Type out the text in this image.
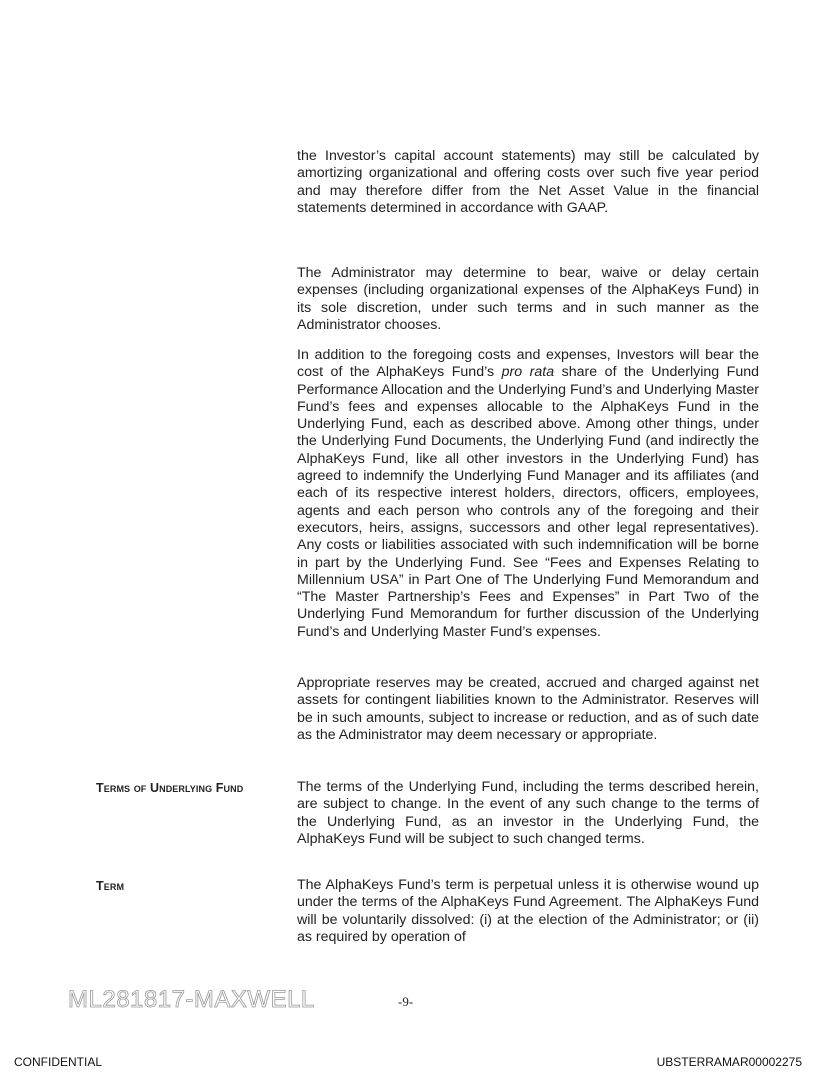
the Investor’s capital account statements) may still be calculated by amortizing organizational and offering costs over such five year period and may therefore differ from the Net Asset Value in the financial statements determined in accordance with GAAP.
The Administrator may determine to bear, waive or delay certain expenses (including organizational expenses of the AlphaKeys Fund) in its sole discretion, under such terms and in such manner as the Administrator chooses.
In addition to the foregoing costs and expenses, Investors will bear the cost of the AlphaKeys Fund’s pro rata share of the Underlying Fund Performance Allocation and the Underlying Fund’s and Underlying Master Fund’s fees and expenses allocable to the AlphaKeys Fund in the Underlying Fund, each as described above. Among other things, under the Underlying Fund Documents, the Underlying Fund (and indirectly the AlphaKeys Fund, like all other investors in the Underlying Fund) has agreed to indemnify the Underlying Fund Manager and its affiliates (and each of its respective interest holders, directors, officers, employees, agents and each person who controls any of the foregoing and their executors, heirs, assigns, successors and other legal representatives). Any costs or liabilities associated with such indemnification will be borne in part by the Underlying Fund. See “Fees and Expenses Relating to Millennium USA” in Part One of The Underlying Fund Memorandum and “The Master Partnership’s Fees and Expenses” in Part Two of the Underlying Fund Memorandum for further discussion of the Underlying Fund’s and Underlying Master Fund’s expenses.
Appropriate reserves may be created, accrued and charged against net assets for contingent liabilities known to the Administrator. Reserves will be in such amounts, subject to increase or reduction, and as of such date as the Administrator may deem necessary or appropriate.
Terms of Underlying Fund	The terms of the Underlying Fund, including the terms described herein, are subject to change. In the event of any such change to the terms of the Underlying Fund, as an investor in the Underlying Fund, the AlphaKeys Fund will be subject to such changed terms.
Term	The AlphaKeys Fund’s term is perpetual unless it is otherwise wound up under the terms of the AlphaKeys Fund Agreement. The AlphaKeys Fund will be voluntarily dissolved: (i) at the election of the Administrator; or (ii) as required by operation of
ML281817-MAXWELL	-9-
CONFIDENTIAL	UBSTERRAMAR00002275
